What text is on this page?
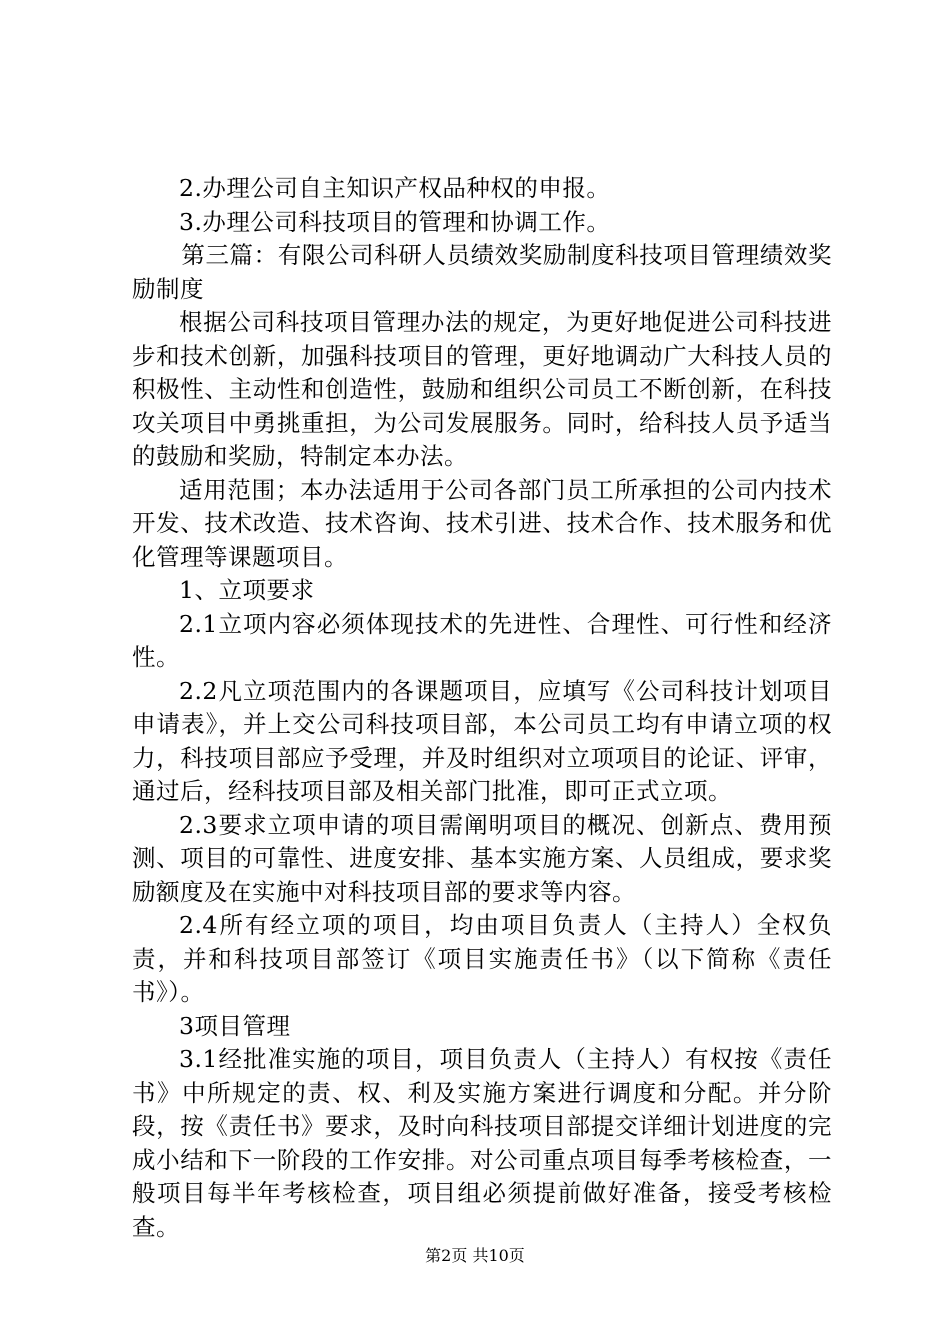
2.办理公司自主知识产权品种权的申报。

3.办理公司科技项目的管理和协调工作。

第三篇：有限公司科研人员绩效奖励制度科技项目管理绩效奖励制度

根据公司科技项目管理办法的规定，为更好地促进公司科技进步和技术创新，加强科技项目的管理，更好地调动广大科技人员的积极性、主动性和创造性，鼓励和组织公司员工不断创新，在科技攻关项目中勇挑重担，为公司发展服务。同时，给科技人员予适当的鼓励和奖励，特制定本办法。

适用范围；本办法适用于公司各部门员工所承担的公司内技术开发、技术改造、技术咨询、技术引进、技术合作、技术服务和优化管理等课题项目。

1、立项要求

2.1立项内容必须体现技术的先进性、合理性、可行性和经济性。

2.2凡立项范围内的各课题项目，应填写《公司科技计划项目申请表》，并上交公司科技项目部，本公司员工均有申请立项的权力，科技项目部应予受理，并及时组织对立项项目的论证、评审，通过后，经科技项目部及相关部门批准，即可正式立项。

2.3要求立项申请的项目需阐明项目的概况、创新点、费用预测、项目的可靠性、进度安排、基本实施方案、人员组成，要求奖励额度及在实施中对科技项目部的要求等内容。

2.4所有经立项的项目，均由项目负责人（主持人）全权负责，并和科技项目部签订《项目实施责任书》（以下简称《责任书》）。

3项目管理

3.1经批准实施的项目，项目负责人（主持人）有权按《责任书》中所规定的责、权、利及实施方案进行调度和分配。并分阶段，按《责任书》要求，及时向科技项目部提交详细计划进度的完成小结和下一阶段的工作安排。对公司重点项目每季考核检查，一般项目每半年考核检查，项目组必须提前做好准备，接受考核检查。

第2页 共10页
